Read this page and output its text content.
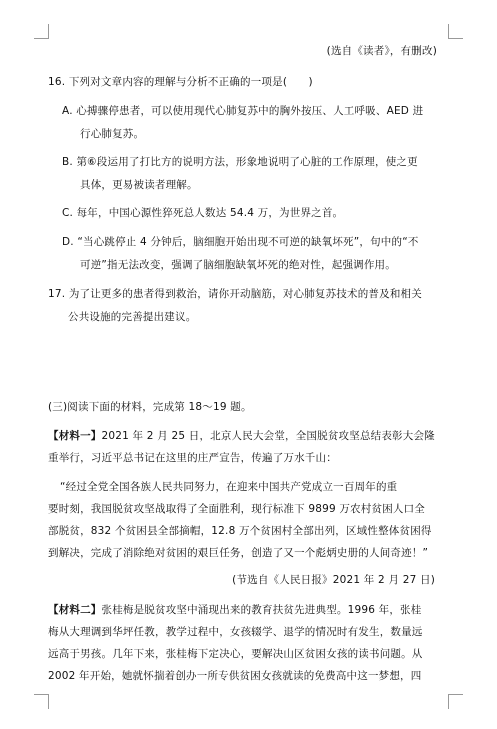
(选自《读者》，有删改)
16. 下列对文章内容的理解与分析不正确的一项是(　　)
A. 心搏骤停患者，可以使用现代心肺复苏中的胸外按压、人工呼吸、AED 进
行心肺复苏。
B. 第⑥段运用了打比方的说明方法，形象地说明了心脏的工作原理，使之更
具体，更易被读者理解。
C. 每年，中国心源性猝死总人数达 54.4 万，为世界之首。
D. “当心跳停止 4 分钟后，脑细胞开始出现不可逆的缺氧坏死”，句中的“不
可逆”指无法改变，强调了脑细胞缺氧坏死的绝对性，起强调作用。
17. 为了让更多的患者得到救治，请你开动脑筋，对心肺复苏技术的普及和相关
公共设施的完善提出建议。
(三)阅读下面的材料，完成第 18～19 题。
【材料一】2021 年 2 月 25 日，北京人民大会堂，全国脱贫攻坚总结表彰大会隆
重举行，习近平总书记在这里的庄严宣告，传遍了万水千山：
“经过全党全国各族人民共同努力，在迎来中国共产党成立一百周年的重
要时刻，我国脱贫攻坚战取得了全面胜利，现行标准下 9899 万农村贫困人口全
部脱贫，832 个贫困县全部摘帽，12.8 万个贫困村全部出列，区域性整体贫困得
到解决，完成了消除绝对贫困的艰巨任务，创造了又一个彪炳史册的人间奇迹！”
(节选自《人民日报》2021 年 2 月 27 日)
【材料二】张桂梅是脱贫攻坚中涌现出来的教育扶贫先进典型。1996 年，张桂
梅从大理调到华坪任教，教学过程中，女孩辍学、退学的情况时有发生，数量远
远高于男孩。几年下来，张桂梅下定决心，要解决山区贫困女孩的读书问题。从
2002 年开始，她就怀揣着创办一所专供贫困女孩就读的免费高中这一梦想，四
